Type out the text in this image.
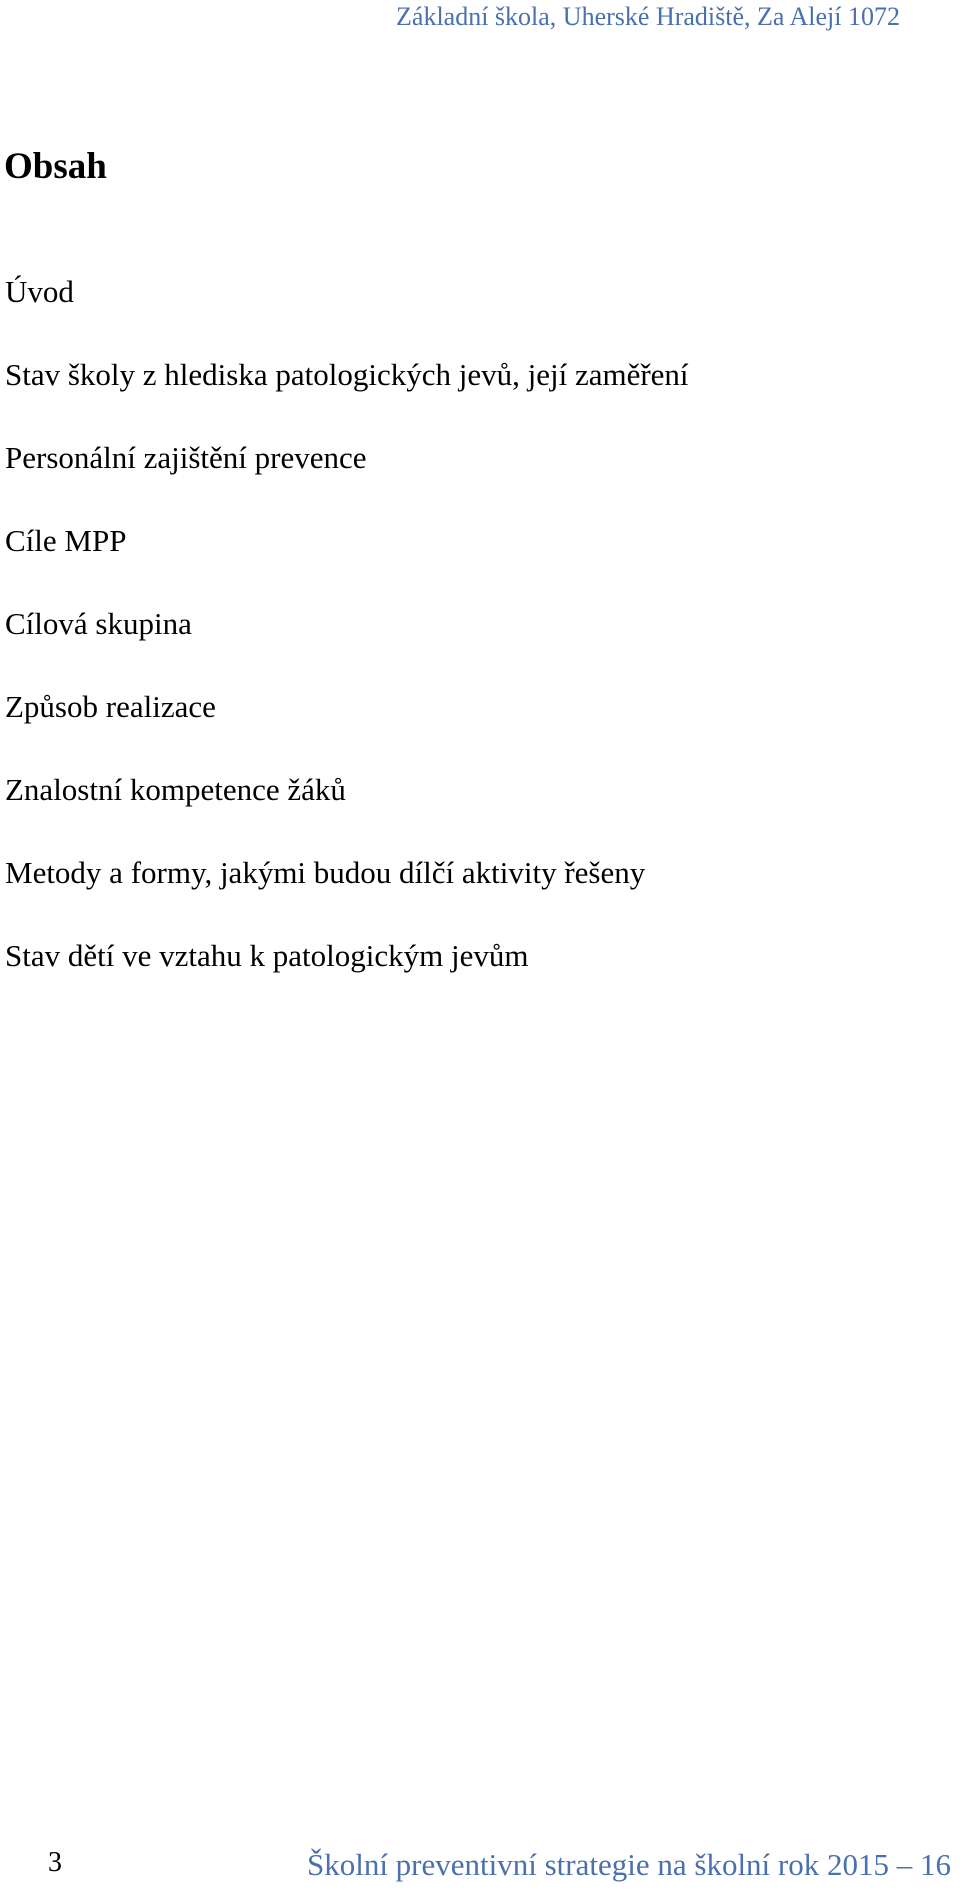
Základní škola, Uherské Hradiště, Za Alejí 1072
Obsah
Úvod
Stav školy z hlediska patologických jevů, její zaměření
Personální zajištění prevence
Cíle MPP
Cílová skupina
Způsob realizace
Znalostní kompetence žáků
Metody a formy, jakými budou dílčí aktivity řešeny
Stav dětí ve vztahu k patologickým jevům
3	Školní preventivní strategie na školní rok 2015 – 16
